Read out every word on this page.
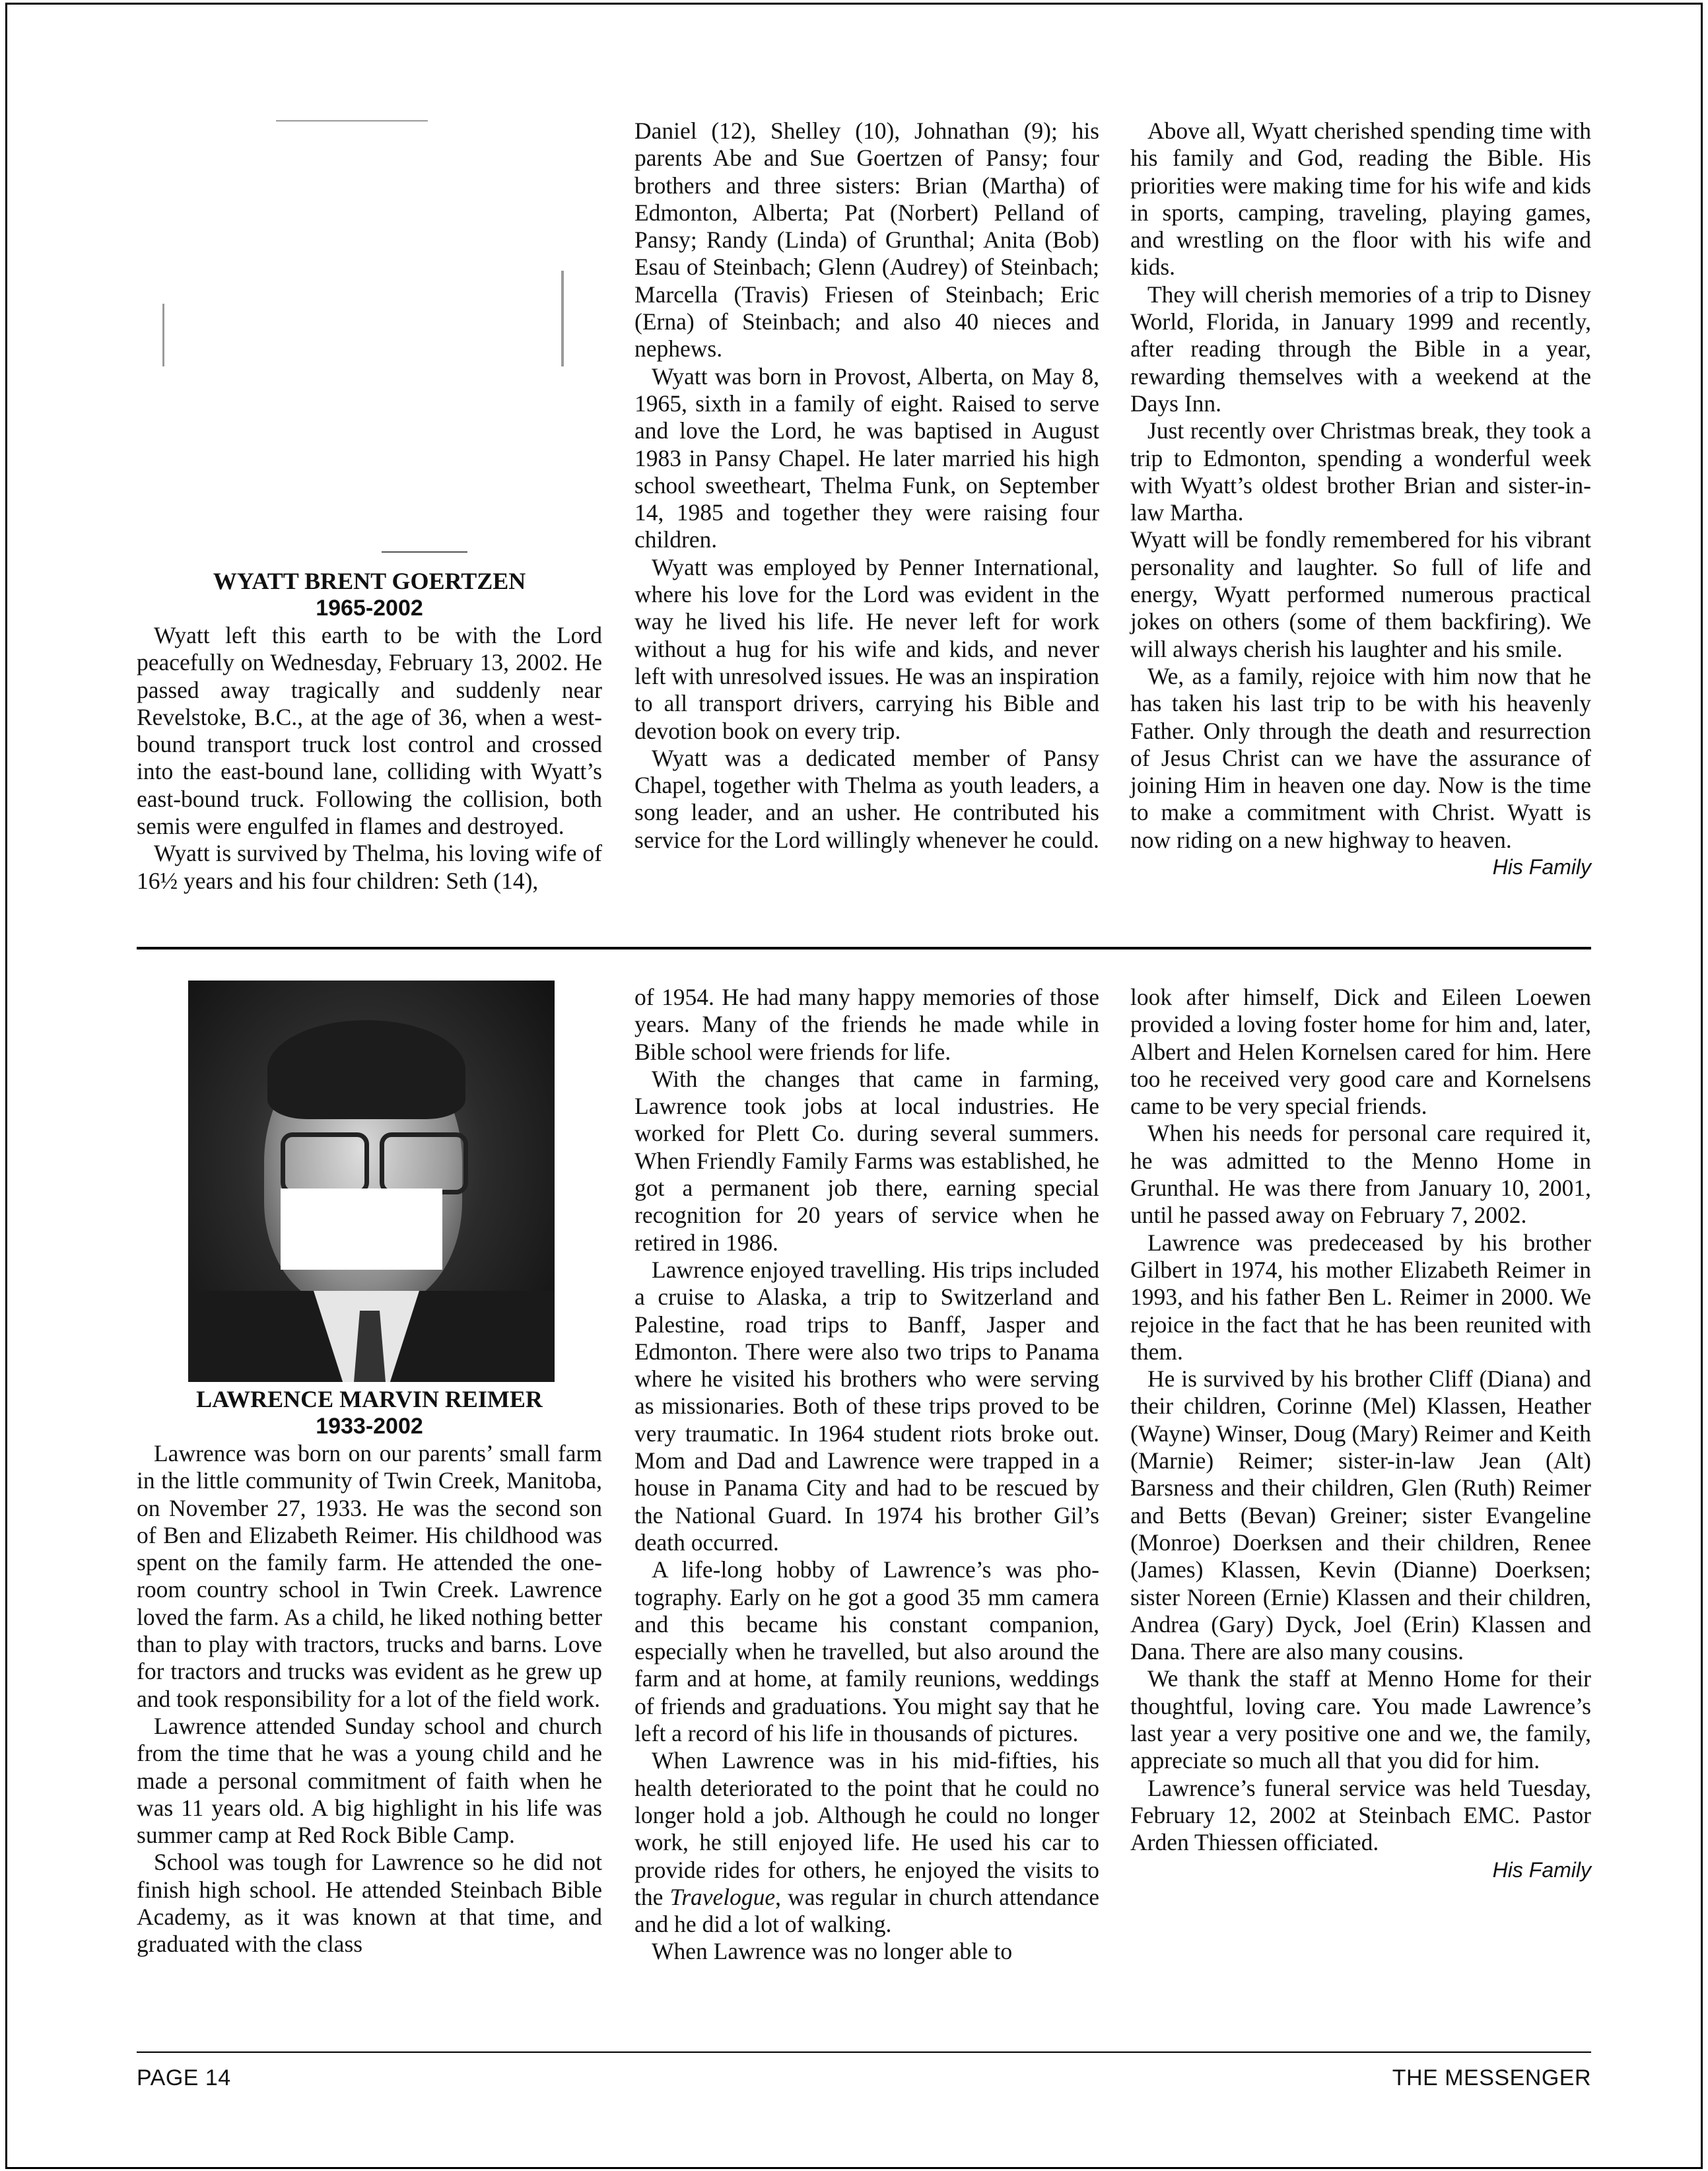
WYATT BRENT GOERTZEN
1965-2002

Wyatt left this earth to be with the Lord peacefully on Wednesday, February 13, 2002. He passed away tragically and suddenly near Revelstoke, B.C., at the age of 36, when a west-bound transport truck lost control and crossed into the east-bound lane, colliding with Wyatt’s east-bound truck. Following the collision, both semis were engulfed in flames and destroyed.

Wyatt is survived by Thelma, his loving wife of 16½ years and his four children: Seth (14),

Daniel (12), Shelley (10), Johnathan (9); his parents Abe and Sue Goertzen of Pansy; four brothers and three sisters: Brian (Martha) of Edmonton, Alberta; Pat (Norbert) Pelland of Pansy; Randy (Linda) of Grunthal; Anita (Bob) Esau of Steinbach; Glenn (Audrey) of Steinbach; Marcella (Travis) Friesen of Steinbach; Eric (Erna) of Steinbach; and also 40 nieces and nephews.

Wyatt was born in Provost, Alberta, on May 8, 1965, sixth in a family of eight. Raised to serve and love the Lord, he was baptised in August 1983 in Pansy Chapel. He later married his high school sweetheart, Thelma Funk, on September 14, 1985 and together they were raising four children.

Wyatt was employed by Penner International, where his love for the Lord was evident in the way he lived his life. He never left for work without a hug for his wife and kids, and never left with unresolved issues. He was an inspiration to all transport drivers, carrying his Bible and devotion book on every trip.

Wyatt was a dedicated member of Pansy Chapel, together with Thelma as youth leaders, a song leader, and an usher. He contributed his service for the Lord willingly whenever he could.

Above all, Wyatt cherished spending time with his family and God, reading the Bible. His priorities were making time for his wife and kids in sports, camping, traveling, playing games, and wrestling on the floor with his wife and kids.

They will cherish memories of a trip to Disney World, Florida, in January 1999 and recently, after reading through the Bible in a year, rewarding themselves with a weekend at the Days Inn.

Just recently over Christmas break, they took a trip to Edmonton, spending a wonderful week with Wyatt’s oldest brother Brian and sister-in-law Martha.

Wyatt will be fondly remembered for his vibrant personality and laughter. So full of life and energy, Wyatt performed numerous practical jokes on others (some of them backfiring). We will always cherish his laughter and his smile.

We, as a family, rejoice with him now that he has taken his last trip to be with his heavenly Father. Only through the death and resurrection of Jesus Christ can we have the assurance of joining Him in heaven one day. Now is the time to make a commitment with Christ. Wyatt is now riding on a new highway to heaven.

His Family
LAWRENCE MARVIN REIMER
1933-2002

Lawrence was born on our parents’ small farm in the little community of Twin Creek, Manitoba, on November 27, 1933. He was the second son of Ben and Elizabeth Reimer. His childhood was spent on the family farm. He attended the one-room country school in Twin Creek. Lawrence loved the farm. As a child, he liked nothing better than to play with tractors, trucks and barns. Love for tractors and trucks was evident as he grew up and took responsibility for a lot of the field work.

Lawrence attended Sunday school and church from the time that he was a young child and he made a personal commitment of faith when he was 11 years old. A big highlight in his life was summer camp at Red Rock Bible Camp.

School was tough for Lawrence so he did not finish high school. He attended Steinbach Bible Academy, as it was known at that time, and graduated with the class

of 1954. He had many happy memories of those years. Many of the friends he made while in Bible school were friends for life.

With the changes that came in farming, Lawrence took jobs at local industries. He worked for Plett Co. during several summers. When Friendly Family Farms was established, he got a permanent job there, earning special recognition for 20 years of service when he retired in 1986.

Lawrence enjoyed travelling. His trips included a cruise to Alaska, a trip to Switzerland and Palestine, road trips to Banff, Jasper and Edmonton. There were also two trips to Panama where he visited his brothers who were serving as missionaries. Both of these trips proved to be very traumatic. In 1964 student riots broke out. Mom and Dad and Lawrence were trapped in a house in Panama City and had to be rescued by the National Guard. In 1974 his brother Gil’s death occurred.

A life-long hobby of Lawrence’s was photography. Early on he got a good 35 mm camera and this became his constant companion, especially when he travelled, but also around the farm and at home, at family reunions, weddings of friends and graduations. You might say that he left a record of his life in thousands of pictures.

When Lawrence was in his mid-fifties, his health deteriorated to the point that he could no longer hold a job. Although he could no longer work, he still enjoyed life. He used his car to provide rides for others, he enjoyed the visits to the Travelogue, was regular in church attendance and he did a lot of walking.

When Lawrence was no longer able to

look after himself, Dick and Eileen Loewen provided a loving foster home for him and, later, Albert and Helen Kornelsen cared for him. Here too he received very good care and Kornelsens came to be very special friends.

When his needs for personal care required it, he was admitted to the Menno Home in Grunthal. He was there from January 10, 2001, until he passed away on February 7, 2002.

Lawrence was predeceased by his brother Gilbert in 1974, his mother Elizabeth Reimer in 1993, and his father Ben L. Reimer in 2000. We rejoice in the fact that he has been reunited with them.

He is survived by his brother Cliff (Diana) and their children, Corinne (Mel) Klassen, Heather (Wayne) Winser, Doug (Mary) Reimer and Keith (Marnie) Reimer; sister-in-law Jean (Alt) Barsness and their children, Glen (Ruth) Reimer and Betts (Bevan) Greiner; sister Evangeline (Monroe) Doerksen and their children, Renee (James) Klassen, Kevin (Dianne) Doerksen; sister Noreen (Ernie) Klassen and their children, Andrea (Gary) Dyck, Joel (Erin) Klassen and Dana. There are also many cousins.

We thank the staff at Menno Home for their thoughtful, loving care. You made Lawrence’s last year a very positive one and we, the family, appreciate so much all that you did for him.

Lawrence’s funeral service was held Tuesday, February 12, 2002 at Steinbach EMC. Pastor Arden Thiessen officiated.

His Family
PAGE 14	THE MESSENGER
